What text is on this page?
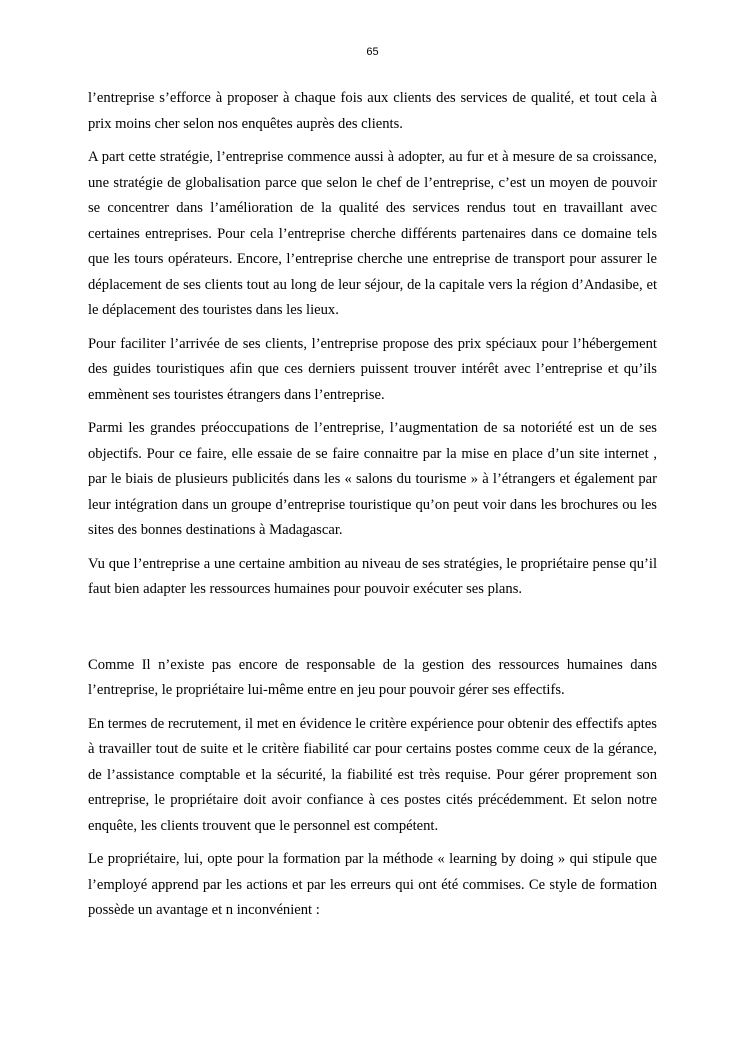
65

l’entreprise s’efforce à proposer à chaque fois aux clients des services de qualité, et tout cela à prix moins cher selon nos enquêtes auprès des clients.

A part cette stratégie, l’entreprise commence aussi à adopter, au fur et à mesure de sa croissance, une stratégie de globalisation parce que selon le chef de l’entreprise, c’est un moyen de pouvoir se concentrer dans l’amélioration de la qualité des services rendus tout en travaillant avec certaines entreprises. Pour cela l’entreprise cherche différents partenaires dans ce domaine tels que les tours opérateurs. Encore, l’entreprise cherche une entreprise de transport pour assurer le déplacement de ses clients tout au long de leur séjour, de la capitale vers la région d’Andasibe, et le déplacement des touristes dans les lieux.

Pour faciliter l’arrivée de ses clients, l’entreprise propose des prix spéciaux pour l’hébergement des guides touristiques afin que ces derniers puissent trouver intérêt avec l’entreprise et qu’ils emmènent ses touristes étrangers dans l’entreprise.

Parmi les grandes préoccupations de l’entreprise, l’augmentation de sa notoriété est un de ses objectifs. Pour ce faire, elle essaie de se faire connaitre par la mise en place d’un site internet , par le biais de plusieurs publicités dans les « salons du tourisme » à l’étrangers et également par leur intégration dans un groupe d’entreprise touristique qu’on peut voir dans les brochures ou les sites des bonnes destinations à Madagascar.

Vu que l’entreprise a une certaine ambition au niveau de ses stratégies, le propriétaire pense qu’il faut bien adapter les ressources humaines pour pouvoir exécuter ses plans.

Comme Il n’existe pas encore de responsable de la gestion des ressources humaines dans l’entreprise, le propriétaire lui-même entre en jeu pour pouvoir gérer ses effectifs.

En termes de recrutement, il met en évidence le critère expérience pour obtenir des effectifs aptes à travailler tout de suite et le critère fiabilité car pour certains postes comme ceux de la gérance, de l’assistance comptable et la sécurité, la fiabilité est très requise. Pour gérer proprement son entreprise, le propriétaire doit avoir confiance à ces postes cités précédemment. Et selon notre enquête, les clients trouvent que le personnel est compétent.

Le propriétaire, lui, opte pour la formation par la méthode « learning by doing » qui stipule que l’employé apprend par les actions et par les erreurs qui ont été commises. Ce style de formation possède un avantage et n inconvénient :
